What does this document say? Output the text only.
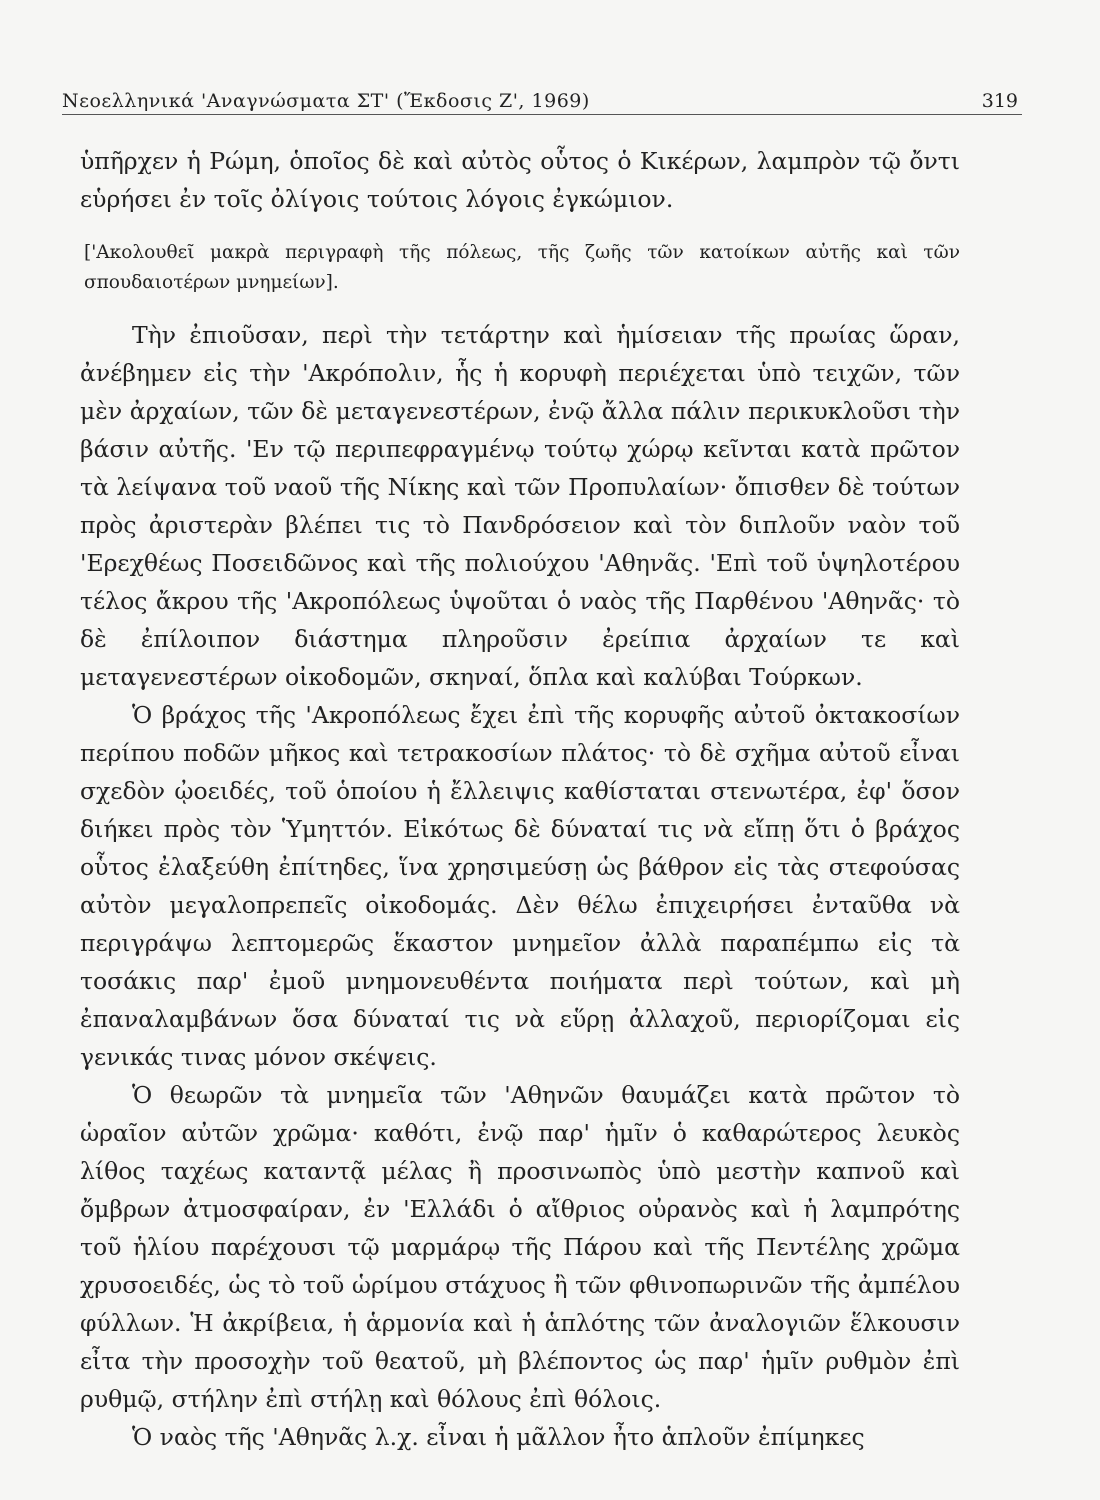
Νεοελληνικά 'Αναγνώσματα ΣΤ' (Ἔκδοσις Ζ', 1969)	319

ὑπῆρχεν ἡ Ρώμη, ὁποῖος δὲ καὶ αὐτὸς οὗτος ὁ Κικέρων, λαμπρὸν τῷ ὄντι εὑρήσει ἐν τοῖς ὀλίγοις τούτοις λόγοις ἐγκώμιον.

['Ακολουθεῖ μακρὰ περιγραφὴ τῆς πόλεως, τῆς ζωῆς τῶν κατοίκων αὐτῆς καὶ τῶν σπουδαιοτέρων μνημείων].

Τὴν ἐπιοῦσαν, περὶ τὴν τετάρτην καὶ ἡμίσειαν τῆς πρωίας ὥραν, ἀνέβημεν εἰς τὴν 'Ακρόπολιν, ἧς ἡ κορυφὴ περιέχεται ὑπὸ τειχῶν, τῶν μὲν ἀρχαίων, τῶν δὲ μεταγενεστέρων, ἐνῷ ἄλλα πάλιν περικυκλοῦσι τὴν βάσιν αὐτῆς. 'Εν τῷ περιπεφραγμένῳ τούτῳ χώρῳ κεῖνται κατὰ πρῶτον τὰ λείψανα τοῦ ναοῦ τῆς Νίκης καὶ τῶν Προπυλαίων· ὄπισθεν δὲ τούτων πρὸς ἀριστερὰν βλέπει τις τὸ Πανδρόσειον καὶ τὸν διπλοῦν ναὸν τοῦ 'Ερεχθέως Ποσειδῶνος καὶ τῆς πολιούχου 'Αθηνᾶς. 'Επὶ τοῦ ὑψηλοτέρου τέλος ἄκρου τῆς 'Ακροπόλεως ὑψοῦται ὁ ναὸς τῆς Παρθένου 'Αθηνᾶς· τὸ δὲ ἐπίλοιπον διάστημα πληροῦσιν ἐρείπια ἀρχαίων τε καὶ μεταγενεστέρων οἰκοδομῶν, σκηναί, ὅπλα καὶ καλύβαι Τούρκων.

Ὁ βράχος τῆς 'Ακροπόλεως ἔχει ἐπὶ τῆς κορυφῆς αὐτοῦ ὀκτακοσίων περίπου ποδῶν μῆκος καὶ τετρακοσίων πλάτος· τὸ δὲ σχῆμα αὐτοῦ εἶναι σχεδὸν ᾠοειδές, τοῦ ὁποίου ἡ ἔλλειψις καθίσταται στενωτέρα, ἐφ' ὅσον διήκει πρὸς τὸν Ὑμηττόν. Εἰκότως δὲ δύναταί τις νὰ εἴπῃ ὅτι ὁ βράχος οὗτος ἐλαξεύθη ἐπίτηδες, ἵνα χρησιμεύσῃ ὡς βάθρον εἰς τὰς στεφούσας αὐτὸν μεγαλοπρεπεῖς οἰκοδομάς. Δὲν θέλω ἐπιχειρήσει ἐνταῦθα νὰ περιγράψω λεπτομερῶς ἕκαστον μνημεῖον ἀλλὰ παραπέμπω εἰς τὰ τοσάκις παρ' ἐμοῦ μνημονευθέντα ποιήματα περὶ τούτων, καὶ μὴ ἐπαναλαμβάνων ὅσα δύναταί τις νὰ εὕρῃ ἀλλαχοῦ, περιορίζομαι εἰς γενικάς τινας μόνον σκέψεις.

Ὁ θεωρῶν τὰ μνημεῖα τῶν 'Αθηνῶν θαυμάζει κατὰ πρῶτον τὸ ὡραῖον αὐτῶν χρῶμα· καθότι, ἐνῷ παρ' ἡμῖν ὁ καθαρώτερος λευκὸς λίθος ταχέως καταντᾷ μέλας ἢ προσινωπὸς ὑπὸ μεστὴν καπνοῦ καὶ ὄμβρων ἀτμοσφαίραν, ἐν 'Ελλάδι ὁ αἴθριος οὐρανὸς καὶ ἡ λαμπρότης τοῦ ἡλίου παρέχουσι τῷ μαρμάρῳ τῆς Πάρου καὶ τῆς Πεντέλης χρῶμα χρυσοειδές, ὡς τὸ τοῦ ὡρίμου στάχυος ἢ τῶν φθινοπωρινῶν τῆς ἀμπέλου φύλλων. Ἡ ἀκρίβεια, ἡ ἁρμονία καὶ ἡ ἁπλότης τῶν ἀναλογιῶν ἕλκουσιν εἶτα τὴν προσοχὴν τοῦ θεατοῦ, μὴ βλέποντος ὡς παρ' ἡμῖν ρυθμὸν ἐπὶ ρυθμῷ, στήλην ἐπὶ στήλῃ καὶ θόλους ἐπὶ θόλοις.

Ὁ ναὸς τῆς 'Αθηνᾶς λ.χ. εἶναι ἡ μᾶλλον ἦτο ἁπλοῦν ἐπίμηκες
